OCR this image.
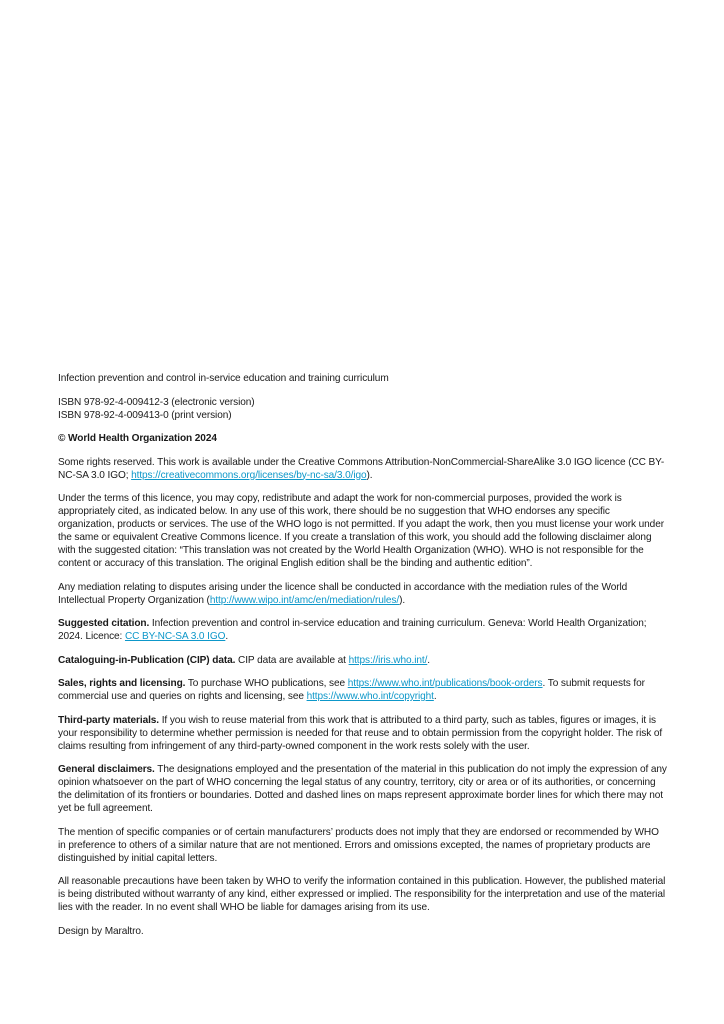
Infection prevention and control in-service education and training curriculum

ISBN 978-92-4-009412-3 (electronic version)
ISBN 978-92-4-009413-0 (print version)

© World Health Organization 2024

Some rights reserved. This work is available under the Creative Commons Attribution-NonCommercial-ShareAlike 3.0 IGO licence (CC BY-NC-SA 3.0 IGO; https://creativecommons.org/licenses/by-nc-sa/3.0/igo).

Under the terms of this licence, you may copy, redistribute and adapt the work for non-commercial purposes, provided the work is appropriately cited, as indicated below. In any use of this work, there should be no suggestion that WHO endorses any specific organization, products or services. The use of the WHO logo is not permitted. If you adapt the work, then you must license your work under the same or equivalent Creative Commons licence. If you create a translation of this work, you should add the following disclaimer along with the suggested citation: “This translation was not created by the World Health Organization (WHO). WHO is not responsible for the content or accuracy of this translation. The original English edition shall be the binding and authentic edition”.

Any mediation relating to disputes arising under the licence shall be conducted in accordance with the mediation rules of the World Intellectual Property Organization (http://www.wipo.int/amc/en/mediation/rules/).

Suggested citation. Infection prevention and control in-service education and training curriculum. Geneva: World Health Organization; 2024. Licence: CC BY-NC-SA 3.0 IGO.

Cataloguing-in-Publication (CIP) data. CIP data are available at https://iris.who.int/.

Sales, rights and licensing. To purchase WHO publications, see https://www.who.int/publications/book-orders. To submit requests for commercial use and queries on rights and licensing, see https://www.who.int/copyright.

Third-party materials. If you wish to reuse material from this work that is attributed to a third party, such as tables, figures or images, it is your responsibility to determine whether permission is needed for that reuse and to obtain permission from the copyright holder. The risk of claims resulting from infringement of any third-party-owned component in the work rests solely with the user.

General disclaimers. The designations employed and the presentation of the material in this publication do not imply the expression of any opinion whatsoever on the part of WHO concerning the legal status of any country, territory, city or area or of its authorities, or concerning the delimitation of its frontiers or boundaries. Dotted and dashed lines on maps represent approximate border lines for which there may not yet be full agreement.

The mention of specific companies or of certain manufacturers’ products does not imply that they are endorsed or recommended by WHO in preference to others of a similar nature that are not mentioned. Errors and omissions excepted, the names of proprietary products are distinguished by initial capital letters.

All reasonable precautions have been taken by WHO to verify the information contained in this publication. However, the published material is being distributed without warranty of any kind, either expressed or implied. The responsibility for the interpretation and use of the material lies with the reader. In no event shall WHO be liable for damages arising from its use.

Design by Maraltro.
